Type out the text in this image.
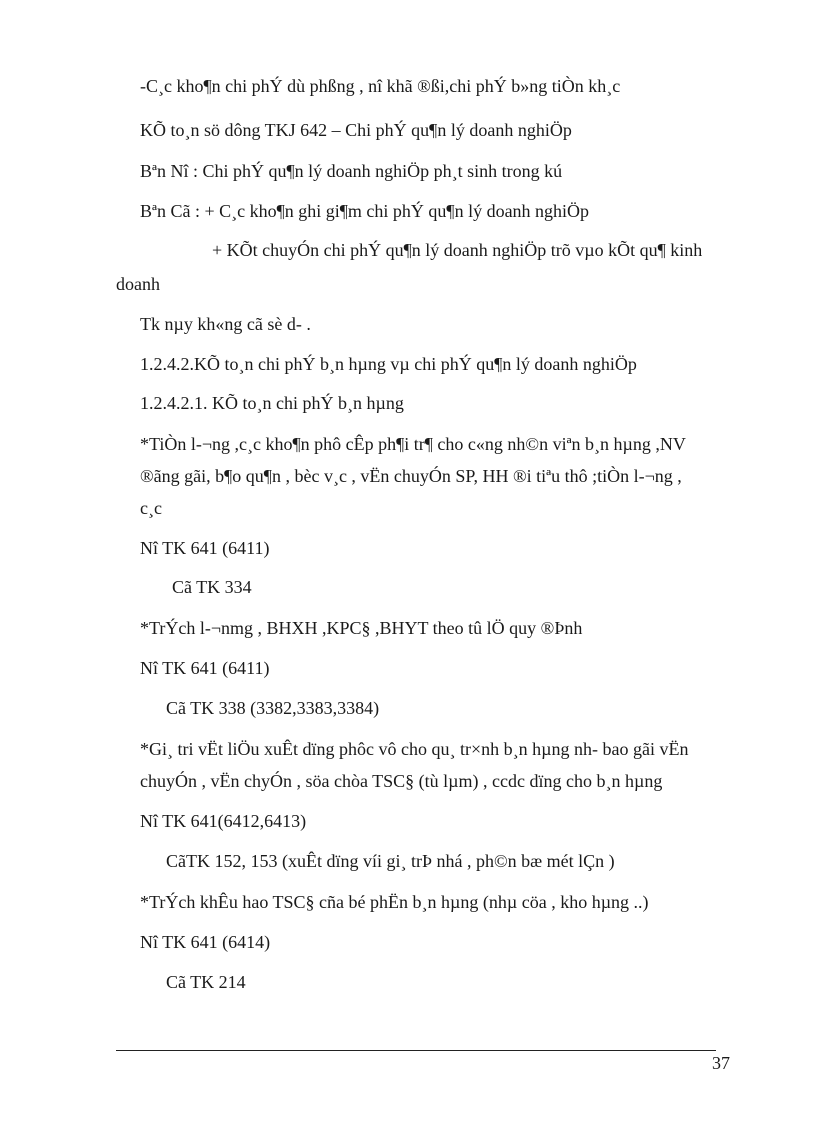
-C¸c kho¶n chi phÝ dù phßng , nî khã ®ßi,chi phÝ b»ng tiÒn kh¸c
KÕ to¸n sö dông TKJ 642 – Chi phÝ qu¶n lý doanh nghiÖp
Bªn Nî : Chi phÝ qu¶n lý doanh nghiÖp ph¸t sinh trong kú
Bªn Cã : + C¸c kho¶n ghi gi¶m chi phÝ qu¶n lý doanh nghiÖp
+ KÕt chuyÓn chi phÝ qu¶n lý doanh nghiÖp trõ vµo kÕt qu¶ kinh
doanh
Tk nµy kh«ng cã sè d- .
1.2.4.2.KÕ to¸n chi phÝ b¸n hµng vµ chi phÝ qu¶n lý doanh nghiÖp
1.2.4.2.1. KÕ to¸n chi phÝ b¸n hµng
*TiÒn l-¬ng ,c¸c kho¶n phô cÊp ph¶i tr¶ cho c«ng nh©n viªn b¸n hµng ,NV
®ãng gãi, b¶o qu¶n , bèc v¸c , vËn chuyÓn SP, HH ®i tiªu thô ;tiÒn l-¬ng ,
c¸c
Nî TK 641 (6411)
Cã TK 334
*TrÝch l-¬nmg , BHXH ,KPC§ ,BHYT theo tû lÖ quy ®Þnh
Nî TK 641 (6411)
Cã TK 338 (3382,3383,3384)
*Gi¸ tri vËt liÖu xuÊt dïng phôc vô cho qu¸ tr×nh b¸n hµng nh- bao gãi vËn
chuyÓn , vËn chyÓn , söa chòa TSC§ (tù lµm) , ccdc dïng cho b¸n hµng
Nî TK 641(6412,6413)
CãTK 152, 153 (xuÊt dïng víi gi¸ trÞ nhá , ph©n bæ mét lÇn )
*TrÝch khÊu hao TSC§ cña bé phËn b¸n hµng (nhµ cöa , kho hµng ..)
Nî TK 641 (6414)
Cã TK 214
37
